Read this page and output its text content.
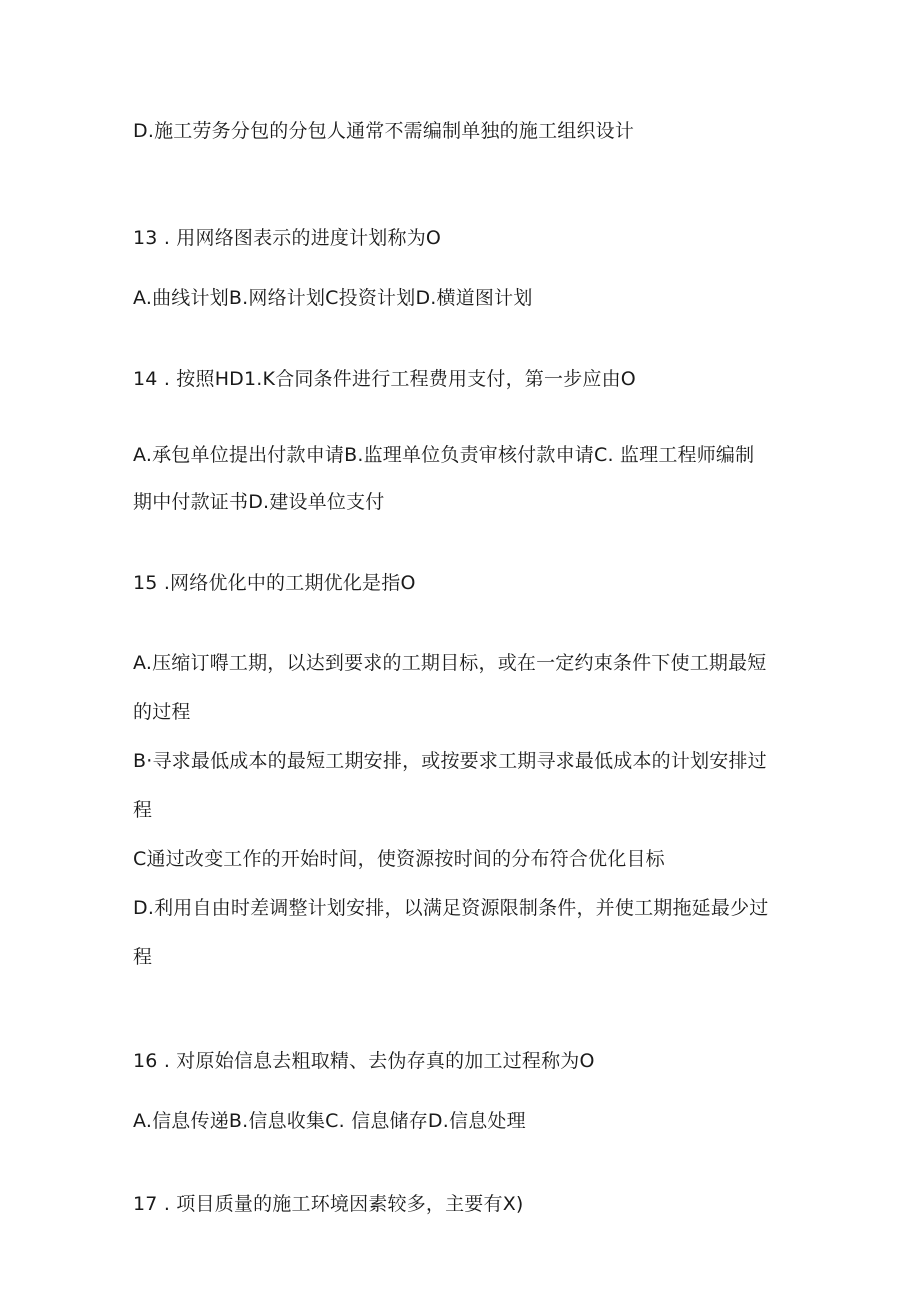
D.施工劳务分包的分包人通常不需编制单独的施工组织设计
13 . 用网络图表示的进度计划称为O
A.曲线计划B.网络计划C投资计划D.横道图计划
14 . 按照HD1.K合同条件进行工程费用支付，第一步应由O
A.承包单位提出付款申请B.监理单位负责审核付款申请C. 监理工程师编制
期中付款证书D.建设单位支付
15 .网络优化中的工期优化是指O
A.压缩订嘚工期，以达到要求的工期目标，或在一定约束条件下使工期最短
的过程
B·寻求最低成本的最短工期安排，或按要求工期寻求最低成本的计划安排过
程
C通过改变工作的开始时间，使资源按时间的分布符合优化目标
D.利用自由时差调整计划安排，以满足资源限制条件，并使工期拖延最少过
程
16 . 对原始信息去粗取精、去伪存真的加工过程称为O
A.信息传递B.信息收集C. 信息储存D.信息处理
17 . 项目质量的施工环境因素较多，主要有X)
